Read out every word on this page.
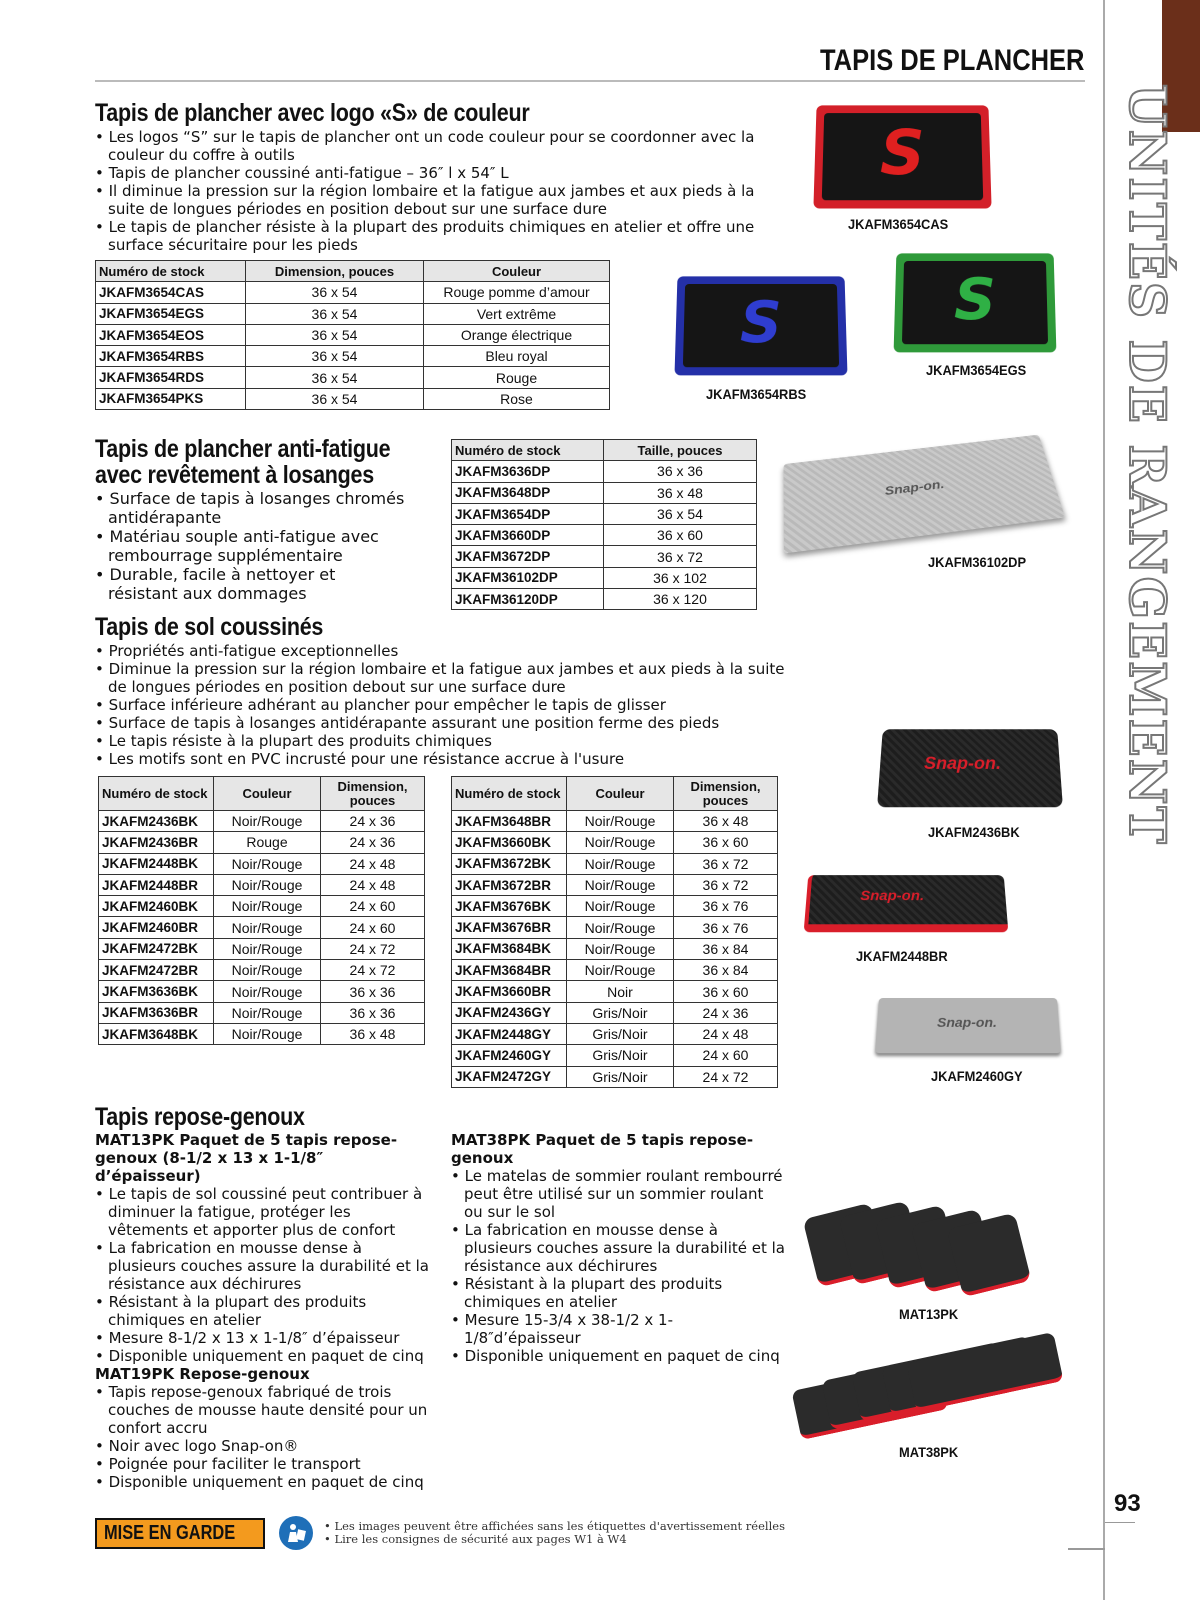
TAPIS DE PLANCHER
UNITÉS DE RANGEMENT
93
Tapis de plancher avec logo «S» de couleur
• Les logos “S” sur le tapis de plancher ont un code couleur pour se coordonner avec la couleur du coffre à outils
• Tapis de plancher coussiné anti-fatigue – 36″ l x 54″ L
• Il diminue la pression sur la région lombaire et la fatigue aux jambes et aux pieds à la suite de longues périodes en position debout sur une surface dure
• Le tapis de plancher résiste à la plupart des produits chimiques en atelier et offre une surface sécuritaire pour les pieds
Numéro de stock	Dimension, pouces	Couleur
JKAFM3654CAS	36 x 54	Rouge pomme d’amour
JKAFM3654EGS	36 x 54	Vert extrême
JKAFM3654EOS	36 x 54	Orange électrique
JKAFM3654RBS	36 x 54	Bleu royal
JKAFM3654RDS	36 x 54	Rouge
JKAFM3654PKS	36 x 54	Rose
S
JKAFM3654CAS
S
JKAFM3654EGS
S
JKAFM3654RBS
Tapis de plancher anti-fatigue
avec revêtement à losanges
• Surface de tapis à losanges chromés antidérapante
• Matériau souple anti-fatigue avec rembourrage supplémentaire
• Durable, facile à nettoyer et résistant aux dommages
Numéro de stock	Taille, pouces
JKAFM3636DP	36 x 36
JKAFM3648DP	36 x 48
JKAFM3654DP	36 x 54
JKAFM3660DP	36 x 60
JKAFM3672DP	36 x 72
JKAFM36102DP	36 x 102
JKAFM36120DP	36 x 120
Snap-on.
JKAFM36102DP
Tapis de sol coussinés
• Propriétés anti-fatigue exceptionnelles
• Diminue la pression sur la région lombaire et la fatigue aux jambes et aux pieds à la suite de longues périodes en position debout sur une surface dure
• Surface inférieure adhérant au plancher pour empêcher le tapis de glisser
• Surface de tapis à losanges antidérapante assurant une position ferme des pieds
• Le tapis résiste à la plupart des produits chimiques
• Les motifs sont en PVC incrusté pour une résistance accrue à l'usure
Numéro de stock	Couleur	Dimension, pouces
JKAFM2436BK	Noir/Rouge	24 x 36
JKAFM2436BR	Rouge	24 x 36
JKAFM2448BK	Noir/Rouge	24 x 48
JKAFM2448BR	Noir/Rouge	24 x 48
JKAFM2460BK	Noir/Rouge	24 x 60
JKAFM2460BR	Noir/Rouge	24 x 60
JKAFM2472BK	Noir/Rouge	24 x 72
JKAFM2472BR	Noir/Rouge	24 x 72
JKAFM3636BK	Noir/Rouge	36 x 36
JKAFM3636BR	Noir/Rouge	36 x 36
JKAFM3648BK	Noir/Rouge	36 x 48
Numéro de stock	Couleur	Dimension, pouces
JKAFM3648BR	Noir/Rouge	36 x 48
JKAFM3660BK	Noir/Rouge	36 x 60
JKAFM3672BK	Noir/Rouge	36 x 72
JKAFM3672BR	Noir/Rouge	36 x 72
JKAFM3676BK	Noir/Rouge	36 x 76
JKAFM3676BR	Noir/Rouge	36 x 76
JKAFM3684BK	Noir/Rouge	36 x 84
JKAFM3684BR	Noir/Rouge	36 x 84
JKAFM3660BR	Noir	36 x 60
JKAFM2436GY	Gris/Noir	24 x 36
JKAFM2448GY	Gris/Noir	24 x 48
JKAFM2460GY	Gris/Noir	24 x 60
JKAFM2472GY	Gris/Noir	24 x 72
Snap-on.
JKAFM2436BK
Snap-on.
JKAFM2448BR
Snap-on.
JKAFM2460GY
Tapis repose-genoux
MAT13PK Paquet de 5 tapis repose-genoux (8-1/2 x 13 x 1-1/8″ d’épaisseur)
• Le tapis de sol coussiné peut contribuer à diminuer la fatigue, protéger les vêtements et apporter plus de confort
• La fabrication en mousse dense à plusieurs couches assure la durabilité et la résistance aux déchirures
• Résistant à la plupart des produits chimiques en atelier
• Mesure 8-1/2 x 13 x 1-1/8″ d’épaisseur
• Disponible uniquement en paquet de cinq
MAT19PK Repose-genoux
• Tapis repose-genoux fabriqué de trois couches de mousse haute densité pour un confort accru
• Noir avec logo Snap-on®
• Poignée pour faciliter le transport
• Disponible uniquement en paquet de cinq
MAT38PK Paquet de 5 tapis repose-genoux
• Le matelas de sommier roulant rembourré peut être utilisé sur un sommier roulant ou sur le sol
• La fabrication en mousse dense à plusieurs couches assure la durabilité et la résistance aux déchirures
• Résistant à la plupart des produits chimiques en atelier
• Mesure 15-3/4 x 38-1/2 x 1-1/8″d’épaisseur
• Disponible uniquement en paquet de cinq
MAT13PK
MAT38PK
MISE EN GARDE	• Les images peuvent être affichées sans les étiquettes d'avertissement réelles
• Lire les consignes de sécurité aux pages W1 à W4
